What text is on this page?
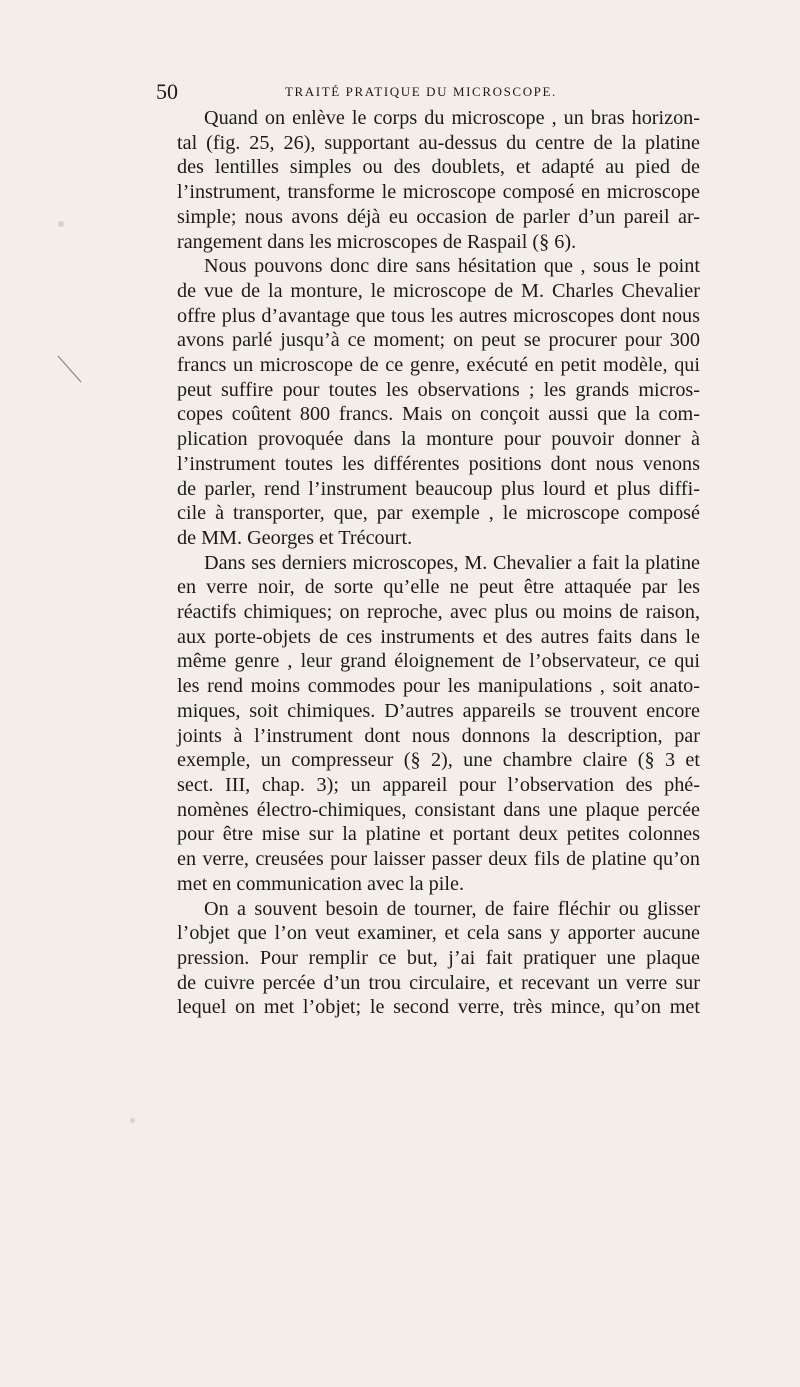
50	TRAITÉ PRATIQUE DU MICROSCOPE.
Quand on enlève le corps du microscope , un bras horizon-
tal (fig. 25, 26), supportant au-dessus du centre de la platine
des lentilles simples ou des doublets, et adapté au pied de
l’instrument, transforme le microscope composé en microscope
simple; nous avons déjà eu occasion de parler d’un pareil ar-
rangement dans les microscopes de Raspail (§ 6).
Nous pouvons donc dire sans hésitation que , sous le point
de vue de la monture, le microscope de M. Charles Chevalier
offre plus d’avantage que tous les autres microscopes dont nous
avons parlé jusqu’à ce moment; on peut se procurer pour 300
francs un microscope de ce genre, exécuté en petit modèle, qui
peut suffire pour toutes les observations ; les grands micros-
copes coûtent 800 francs. Mais on conçoit aussi que la com-
plication provoquée dans la monture pour pouvoir donner à
l’instrument toutes les différentes positions dont nous venons
de parler, rend l’instrument beaucoup plus lourd et plus diffi-
cile à transporter, que, par exemple , le microscope composé
de MM. Georges et Trécourt.
Dans ses derniers microscopes, M. Chevalier a fait la platine
en verre noir, de sorte qu’elle ne peut être attaquée par les
réactifs chimiques; on reproche, avec plus ou moins de raison,
aux porte-objets de ces instruments et des autres faits dans le
même genre , leur grand éloignement de l’observateur, ce qui
les rend moins commodes pour les manipulations , soit anato-
miques, soit chimiques. D’autres appareils se trouvent encore
joints à l’instrument dont nous donnons la description, par
exemple, un compresseur (§ 2), une chambre claire (§ 3 et
sect. III, chap. 3); un appareil pour l’observation des phé-
nomènes électro-chimiques, consistant dans une plaque percée
pour être mise sur la platine et portant deux petites colonnes
en verre, creusées pour laisser passer deux fils de platine qu’on
met en communication avec la pile.
On a souvent besoin de tourner, de faire fléchir ou glisser
l’objet que l’on veut examiner, et cela sans y apporter aucune
pression. Pour remplir ce but, j’ai fait pratiquer une plaque
de cuivre percée d’un trou circulaire, et recevant un verre sur
lequel on met l’objet; le second verre, très mince, qu’on met
